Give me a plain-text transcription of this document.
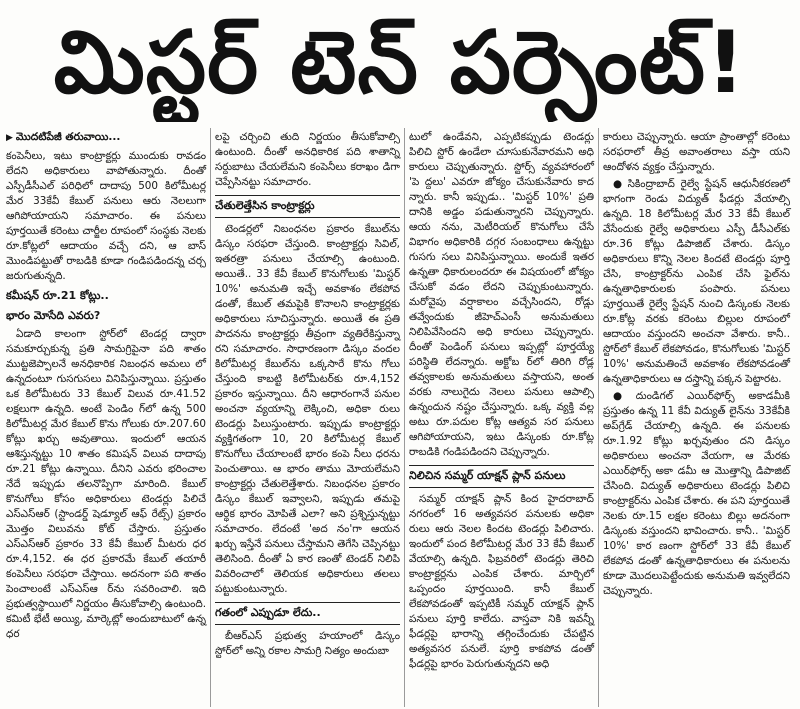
మిస్టర్ టెన్ పర్సెంట్!
▶ మొదటిపేజీ తరువాయి...

కంపెనీలు, ఇటు కాంట్రాక్టర్లు ముందుకు రావడం లేదని అధికారులు వాపోతున్నారు. దీంతో ఎస్పీడీసీఎల్ పరిధిలో దాదాపు 500 కిలోమీటర్ల మేర 33కేవీ కేబుల్ పనులు ఆరు నెలలుగా ఆగిపోయాయని సమాచారం. ఈ పనులు పూర్తయితే కరెంటు చార్జీల రూపంలో సంస్థకు నెలకు రూ.కోట్లలో ఆదాయం వచ్చే దని, ఆ బాస్ మొండిపట్టుతో రాబడికి కూడా గండిపడిందన్న చర్చ జరుగుతున్నది.

కమీషన్ రూ.21 కోట్లు..
భారం మోసేది ఎవరు?

ఏడాది కాలంగా స్టోర్‌లో టెండర్ల ద్వారా సమకూర్చుకున్న ప్రతి సామగ్రిపైనా పది శాతం ముట్టజెప్పాలనే అనధికారిక నిబంధన అమలు లో ఉన్నదంటూ గుసగుసలు వినిపిస్తున్నాయి. ప్రస్తుతం ఒక కిలోమీటరు 33 కేబుల్ విలువ రూ.41.52 లక్షలుగా ఉన్నది. అంటే పెండిం గ్‌లో ఉన్న 500 కిలోమీటర్ల మేర కేబుల్ కొను గోలుకు రూ.207.60 కోట్లు ఖర్చు అవుతాయి. ఇందులో ఆయన ఆశిస్తున్నట్టు 10 శాతం కమిషన్ విలువ దాదాపు రూ.21 కోట్లు ఉన్నాయి. దీనిని ఎవరు భరించాల నేదే ఇప్పుడు తలనొప్పిగా మారింది. కేబుల్ కొనుగోలు కోసం అధికారులు టెండర్లు పిలిచే ఎస్‌ఎస్‌ఆర్ (స్టాండర్డ్ షెడ్యూల్ ఆఫ్ రేట్స్) ప్రకారం మొత్తం విలువను కోట్ చేస్తారు. ప్రస్తుతం ఎస్‌ఎస్‌ఆర్ ప్రకారం 33 కేవీ కేబుల్ మీటరు ధర రూ.4,152. ఈ ధర ప్రకారమే కేబుల్ తయారీ కంపెనీలు సరఫరా చేస్తాయి. అదనంగా పది శాతం పెంచాలంటే ఎస్‌ఎస్‌ఆ ర్‌ను సవరించాలి. ఇది ప్రభుత్వస్థాయిలో నిర్ణయం తీసుకోవాల్సి ఉంటుంది. కమిటీ భేటీ అయ్యి, మార్కెట్లో అందుబాటులో ఉన్న ధర

లపై చర్చించి తుది నిర్ణయం తీసుకోవాల్సి ఉంటుంది. దీంతో అనధికారిక పది శాతాన్ని సర్దుబాటు చేయలేమని కంపెనీలు కరాఖం డిగా చెప్పేసినట్టు సమాచారం.

చేతులెత్తేసిన కాంట్రాక్టర్లు

టెండర్లలో నిబంధనల ప్రకారం కేబుల్‌ను డిస్కం సరఫరా చేస్తుంది. కాంట్రాక్టర్లు సివిల్, ఇతరత్రా పనులు చేయాల్సి ఉంటుంది. అయితే.. 33 కేవీ కేబుల్ కొనుగోలుకు 'మిస్టర్ 10%' అనుమతి ఇచ్చే అవకాశం లేకపోవ డంతో, కేబుల్ తమపైకి కొనాలని కాంట్రాక్టర్లకు అధికారులు సూచిస్తున్నారు. అయితే ఈ ప్రతి పాదనను కాంట్రాక్టర్లు తీవ్రంగా వ్యతిరేకిస్తున్నా రని సమాచారం. సాధారణంగా డిస్కం వందల కిలోమీటర్ల కేబుల్‌ను ఒక్కసారే కొను గోలు చేస్తుంది కాబట్టి కిలోమీటర్‌కు రూ.4,152 ప్రకారం ఇస్తున్నాయి. దీని ఆధారంగానే పనుల అంచనా వ్యయాన్ని లెక్కించి, అధికా రులు టెండర్లు పిలుస్తుంటారు. ఇప్పుడు కాంట్రాక్టర్లు వ్యక్తిగతంగా 10, 20 కిలోమీటర్ల కేబుల్ కొనుగోలు చేయాలంటే భారం కంపె నీలు ధరను పెంచుతాయి. ఆ భారం తాము మోయలేమని కాంట్రాక్టర్లు చేతులెత్తేశారు. నిబంధనల ప్రకారం డిస్కం కేబుల్ ఇవ్వాలని, ఇప్పుడు తమపై ఆర్థిక భారం మోపితే ఎలా? అని ప్రశ్నిస్తున్నట్టు సమాచారం. లేదంటే 'అద నం'గా ఆయన ఖర్చు ఇస్తేనే పనులు చేస్తామని తెగేసి చెప్పినట్టు తెలిసింది. దీంతో ఏ కార ణంతో టెండర్ నిలిపి వివరించాలో తెలియక అధికారులు తలలు పట్టుకుంటున్నారు.

గతంలో ఎప్పుడూ లేదు..

బీఆర్ఎస్ ప్రభుత్వ హయాంలో డిస్కం స్టోర్‌లో అన్ని రకాల సామగ్రి నిత్యం అందుబా

టులో ఉండేవని, ఎప్పటికప్పుడు టెండర్లు పిలిచి స్టోర్ ఉండేలా చూసుకునేవారమని అధి కారులు చెప్పుతున్నారు. స్టోర్స్ వ్యవహారంలో 'పె ద్దలు' ఎవరూ జోక్యం చేసుకునేవారు కాద న్నారు. కానీ ఇప్పుడు.. 'మిస్టర్ 10%' ప్రతి దానికి అడ్డం పడుతున్నారని చెప్పున్నారు. ఆయ నను, మెటీరియల్ కొనుగోలు చేసే విభాగం అధికారికి దగ్గర సంబంధాలు ఉన్నట్టు గుసగు సలు వినిపిస్తున్నాయి. అందుకే ఇతర ఉన్నతా ధికారులందరూ ఈ విషయంలో జోక్యం చేసుకో వడం లేదని చెప్పుకుంటున్నారు. మరోవైపు వర్షాకాలం వచ్చేసిందని, రోడ్లు తవ్వేందుకు జీహెచ్ఎంసీ అనుమతులు నిలిపివేసిందని అధి కారులు చెప్పున్నారు. దీంతో పెండింగ్ పనులు ఇప్పట్లో పూర్తయ్యే పరిస్థితి లేదన్నారు. అక్టోబ ర్‌లో తిరిగి రోడ్ల తవ్వకాలకు అనుమతులు వస్తాయని, అంత వరకు నాలుగైదు నెలలు పనులు ఆపాల్సి ఉన్నందున నష్టం చేస్తున్నారు. ఒక్క వ్యక్తి వల్ల అటు రూ.పదుల కోట్ల ఆత్యవ సర పనులు ఆగిపోయాయని, ఇటు డిస్కంకు రూ.కోట్ల రాబడికి గండిపడిందని చెప్పున్నారు.

నిలిచిన సమ్మర్ యాక్షన్ ప్లాన్ పనులు

సమ్మర్ యాక్షన్ ప్లాన్ కింద హైదరాబాద్ నగరంలో 16 అత్యవసర పనులకు అధికా రులు ఆరు నెలల కిందట టెండర్లు పిలిచారు. ఇందులో పంద కిలోమీటర్ల మేర 33 కేవీ కేబుల్ వేయాల్సి ఉన్నది. ఫిబ్రవరిలో టెండర్లు తెరిచి కాంట్రాక్టర్లను ఎంపిక చేశారు. మార్చిలో ఒప్పందం పూర్తయింది. కానీ కేబుల్ లేకపోవడంతో ఇప్పటికీ సమ్మర్ యాక్షన్ ప్లాన్ పనులు పూర్తి కాలేదు. వాస్తవా నికి ఇవన్నీ ఫీడర్లపై భారాన్ని తగ్గించేందుకు చేపట్టిన అత్యవసర పనులే. పూర్తి కాకపోవ డంతో ఫీడర్లపై భారం పెరుగుతున్నదని అధి

కారులు చెప్పున్నారు. ఆయా ప్రాంతాల్లో కరెంటు సరఫరాలో తీవ్ర అవాంతరాలు వస్తా యని ఆందోళన వ్యక్తం చేస్తున్నారు.

● సికింద్రాబాద్ రైల్వే స్టేషన్ ఆధునీకరణలో భాగంగా రెండు విద్యుత్ ఫీడర్లు వేయాల్సి ఉన్నది. 18 కిలోమీటర్ల మేర 33 కేవీ కేబుల్ వేసేందుకు రైల్వే అధికారులు ఎస్పీ డీసీఎల్‌కు రూ.36 కోట్లు డిపాజిట్ చేశారు. డిస్కం అధికారులు కొన్ని నెలల కిందటే టెండర్లు పూర్తి చేసి, కాంట్రాక్టర్‌ను ఎంపిక చేసి ఫైల్‌ను ఉన్నతాధికారులకు పంపారు. పనులు పూర్తయితే రైల్వే స్టేషన్ నుంచి డిస్కంకు నెలకు రూ.కోట్ల వరకు కరెంటు బిల్లుల రూపంలో ఆదాయం వస్తుందని అంచనా వేశారు. కానీ.. స్టోర్‌లో కేబుల్ లేకపోవడం, కొనుగోలుకు 'మిస్టర్ 10%' అనుమతించే అవకాశం లేకపోవడంతో ఉన్నతాధికారులు ఆ దస్త్రాన్ని పక్కన పెట్టారట.

● దుండిగల్ ఎయిర్‌ఫోర్స్ అకాడమీకి ప్రస్తుతం ఉన్న 11 కేవీ విద్యుత్ లైన్‌ను 33కేవీకి అప్‌గ్రేడ్ చేయాల్సి ఉన్నది. ఈ పనులకు రూ.1.92 కోట్లు ఖర్చవుతుం దని డిస్కం అధికారులు అంచనా వేయగా, ఆ మేరకు ఎయిర్‌ఫోర్స్ అకా డమీ ఆ మొత్తాన్ని డిపాజిట్ చేసింది. విద్యుత్ అధికారులు టెండర్లు పిలిచి కాంట్రాక్టర్‌ను ఎంపిక చేశారు. ఈ పని పూర్తయితే నెలకు రూ.15 లక్షల కరెంటు బిల్లు అదనంగా డిస్కంకు వస్తుందని భావించారు. కానీ.. 'మిస్టర్ 10%' కార ణంగా స్టోర్‌లో 33 కేవీ కేబుల్ లేకపోవ డంతో ఉన్నతాధికారులు ఈ పనులను కూడా మొదలుపెట్టేందుకు అనుమతి ఇవ్వలేదని చెప్పున్నారు.
